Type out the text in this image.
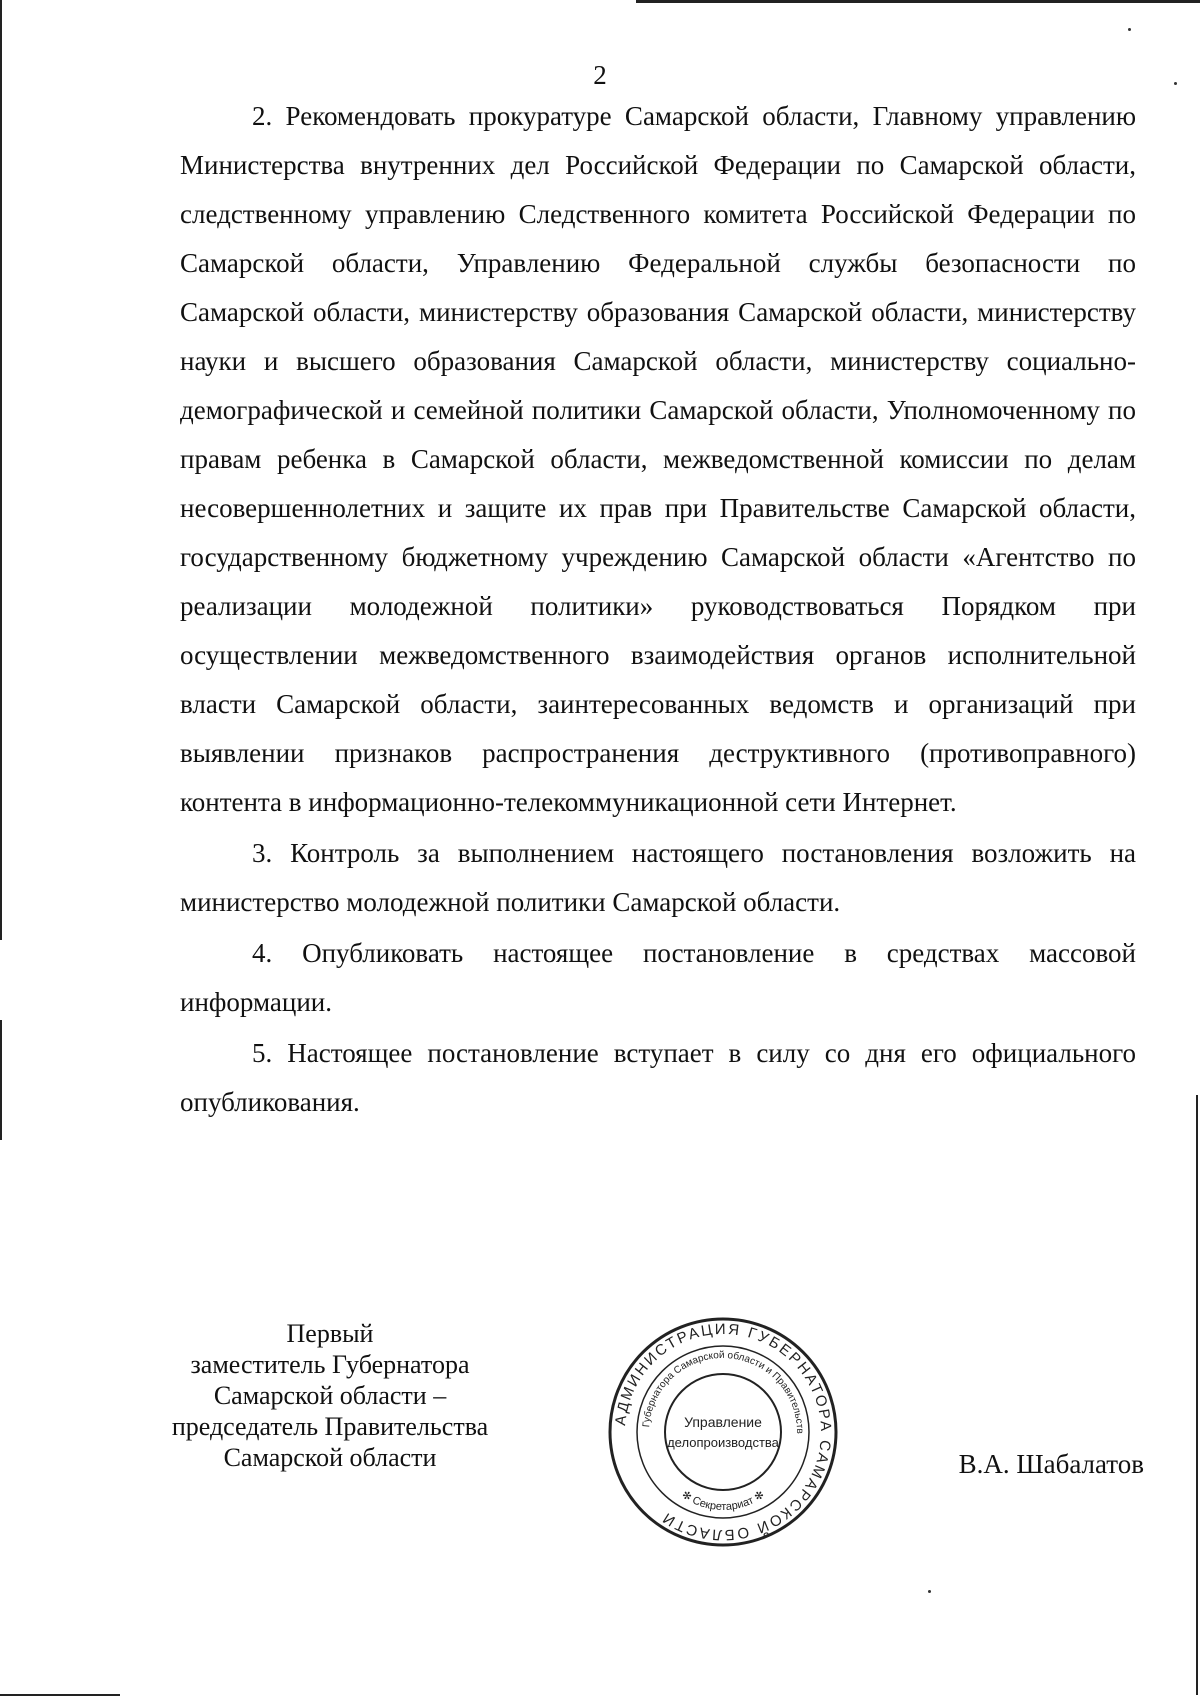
2

2. Рекомендовать прокуратуре Самарской области, Главному управлению Министерства внутренних дел Российской Федерации по Самарской области, следственному управлению Следственного комитета Российской Федерации по Самарской области, Управлению Федеральной службы безопасности по Самарской области, министерству образования Самарской области, министерству науки и высшего образования Самарской области, министерству социально-демографической и семейной политики Самарской области, Уполномоченному по правам ребенка в Самарской области, межведомственной комиссии по делам несовершеннолетних и защите их прав при Правительстве Самарской области, государственному бюджетному учреждению Самарской области «Агентство по реализации молодежной политики» руководствоваться Порядком при осуществлении межведомственного взаимодействия органов исполнительной власти Самарской области, заинтересованных ведомств и организаций при выявлении признаков распространения деструктивного (противоправного) контента в информационно-телекоммуникационной сети Интернет.

3. Контроль за выполнением настоящего постановления возложить на министерство молодежной политики Самарской области.

4. Опубликовать настоящее постановление в средствах массовой информации.

5. Настоящее постановление вступает в силу со дня его официального опубликования.

Первый
заместитель Губернатора
Самарской области –
председатель Правительства
Самарской области
АДМИНИСТРАЦИЯ ГУБЕРНАТОРА САМАРСКОЙ ОБЛАСТИ
Губернатора Самарской области и Правительств
✻ Секретариат ✻
Управление
делопроизводства
В.А. Шабалатов
